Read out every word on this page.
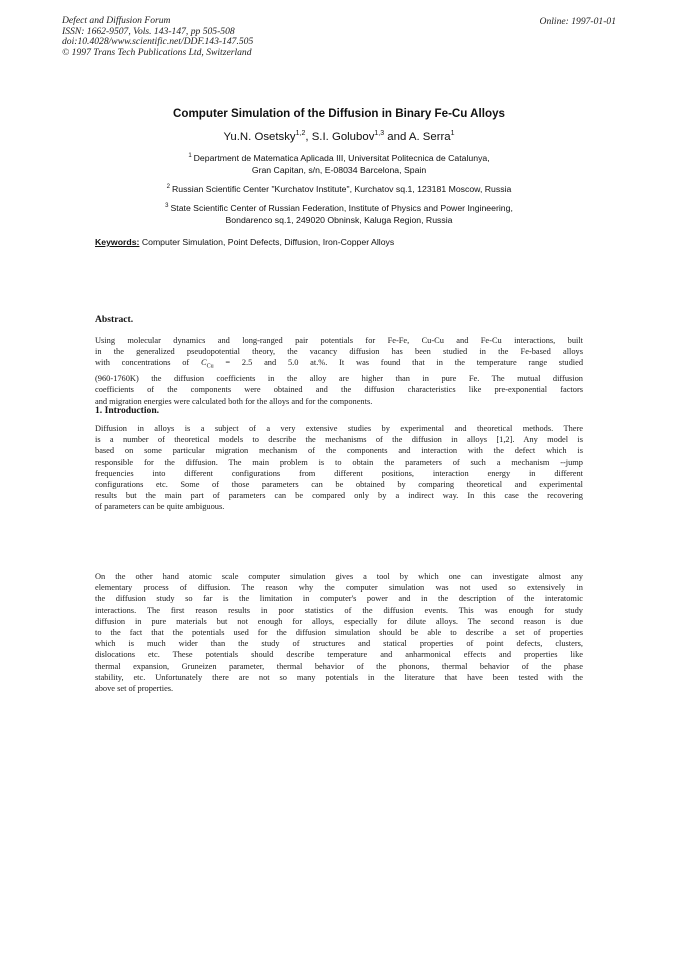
Defect and Diffusion Forum
ISSN: 1662-9507, Vols. 143-147, pp 505-508
doi:10.4028/www.scientific.net/DDF.143-147.505
© 1997 Trans Tech Publications Ltd, Switzerland
Online: 1997-01-01
Computer Simulation of the Diffusion in Binary Fe-Cu Alloys
Yu.N. Osetsky$^{1,2}$, S.I. Golubov$^{1,3}$ and A. Serra$^1$
$^1$ Department de Matematica Aplicada III, Universitat Politecnica de Catalunya,
Gran Capitan, s/n, E-08034 Barcelona, Spain
$^2$ Russian Scientific Center "Kurchatov Institute", Kurchatov sq.1, 123181 Moscow, Russia
$^3$ State Scientific Center of Russian Federation, Institute of Physics and Power Ingineering,
Bondarenco sq.1, 249020 Obninsk, Kaluga Region, Russia
Keywords: Computer Simulation, Point Defects, Diffusion, Iron-Copper Alloys
Abstract.
Using molecular dynamics and long-ranged pair potentials for Fe-Fe, Cu-Cu and Fe-Cu interactions, built
in the generalized pseudopotential theory, the vacancy diffusion has been studied in the Fe-based alloys
with concentrations of $C_{Cu} = 2.5$ and 5.0 at.%. It was found that in the temperature range studied
(960-1760K) the diffusion coefficients in the alloy are higher than in pure Fe. The mutual diffusion
coefficients of the components were obtained and the diffusion characteristics like pre-exponential factors
and migration energies were calculated both for the alloys and for the components.
1. Introduction.
Diffusion in alloys is a subject of a very extensive studies by experimental and theoretical methods. There
is a number of theoretical models to describe the mechanisms of the diffusion in alloys [1,2]. Any model is
based on some particular migration mechanism of the components and interaction with the defect which is
responsible for the diffusion. The main problem is to obtain the parameters of such a mechanism --jump
frequencies into different configurations from different positions, interaction energy in different
configurations etc. Some of those parameters can be obtained by comparing theoretical and experimental
results but the main part of parameters can be compared only by a indirect way. In this case the recovering
of parameters can be quite ambiguous.
On the other hand atomic scale computer simulation gives a tool by which one can investigate almost any
elementary process of diffusion. The reason why the computer simulation was not used so extensively in
the diffusion study so far is the limitation in computer's power and in the description of the interatomic
interactions. The first reason results in poor statistics of the diffusion events. This was enough for study
diffusion in pure materials but not enough for alloys, especially for dilute alloys. The second reason is due
to the fact that the potentials used for the diffusion simulation should be able to describe a set of properties
which is much wider than the study of structures and statical properties of point defects, clusters,
dislocations etc. These potentials should describe temperature and anharmonical effects and properties like
thermal expansion, Gruneizen parameter, thermal behavior of the phonons, thermal behavior of the phase
stability, etc. Unfortunately there are not so many potentials in the literature that have been tested with the
above set of properties.
